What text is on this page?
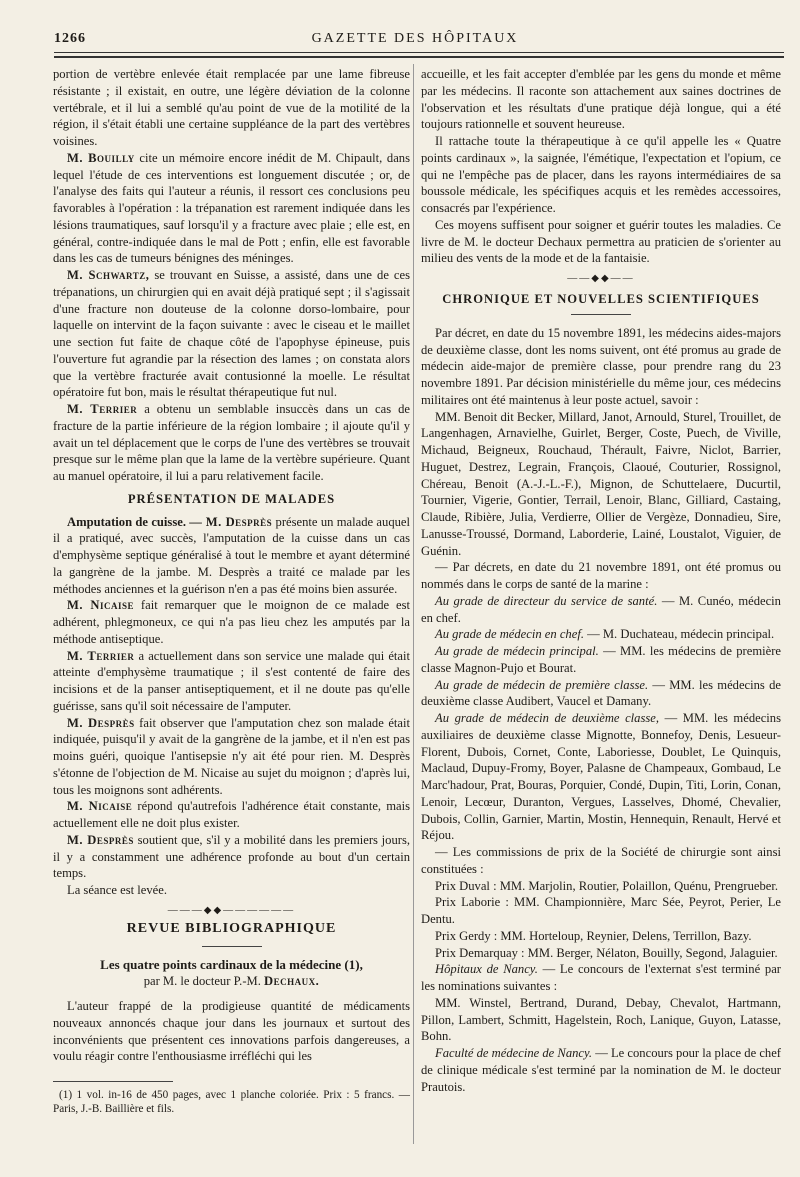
1266	GAZETTE DES HÔPITAUX

portion de vertèbre enlevée était remplacée par une lame fibreuse résistante ; il existait, en outre, une légère déviation de la colonne vertébrale, et il lui a semblé qu'au point de vue de la motilité de la région, il s'était établi une certaine suppléance de la part des vertèbres voisines.

M. Bouilly cite un mémoire encore inédit de M. Chipault, dans lequel l'étude de ces interventions est longuement discutée ; or, de l'analyse des faits qui l'auteur a réunis, il ressort ces conclusions peu favorables à l'opération : la trépanation est rarement indiquée dans les lésions traumatiques, sauf lorsqu'il y a fracture avec plaie ; elle est, en général, contre-indiquée dans le mal de Pott ; enfin, elle est favorable dans les cas de tumeurs bénignes des méninges.

M. Schwartz, se trouvant en Suisse, a assisté, dans une de ces trépanations, un chirurgien qui en avait déjà pratiqué sept ; il s'agissait d'une fracture non douteuse de la colonne dorso-lombaire, pour laquelle on intervint de la façon suivante : avec le ciseau et le maillet une section fut faite de chaque côté de l'apophyse épineuse, puis l'ouverture fut agrandie par la résection des lames ; on constata alors que la vertèbre fracturée avait contusionné la moelle. Le résultat opératoire fut bon, mais le résultat thérapeutique fut nul.

M. Terrier a obtenu un semblable insuccès dans un cas de fracture de la partie inférieure de la région lombaire ; il ajoute qu'il y avait un tel déplacement que le corps de l'une des vertèbres se trouvait presque sur le même plan que la lame de la vertèbre supérieure. Quant au manuel opératoire, il lui a paru relativement facile.

PRÉSENTATION DE MALADES

Amputation de cuisse. — M. Desprès présente un malade auquel il a pratiqué, avec succès, l'amputation de la cuisse dans un cas d'emphysème septique généralisé à tout le membre et ayant déterminé la gangrène de la jambe. M. Desprès a traité ce malade par les méthodes anciennes et la guérison n'en a pas été moins bien assurée.

M. Nicaise fait remarquer que le moignon de ce malade est adhérent, phlegmoneux, ce qui n'a pas lieu chez les amputés par la méthode antiseptique.

M. Terrier a actuellement dans son service une malade qui était atteinte d'emphysème traumatique ; il s'est contenté de faire des incisions et de la panser antiseptiquement, et il ne doute pas qu'elle guérisse, sans qu'il soit nécessaire de l'amputer.

M. Desprès fait observer que l'amputation chez son malade était indiquée, puisqu'il y avait de la gangrène de la jambe, et il n'en est pas moins guéri, quoique l'antisepsie n'y ait été pour rien. M. Desprès s'étonne de l'objection de M. Nicaise au sujet du moignon ; d'après lui, tous les moignons sont adhérents.

M. Nicaise répond qu'autrefois l'adhérence était constante, mais actuellement elle ne doit plus exister.

M. Desprès soutient que, s'il y a mobilité dans les premiers jours, il y a constamment une adhérence profonde au bout d'un certain temps.

La séance est levée.

———◆◆——————
REVUE BIBLIOGRAPHIQUE
Les quatre points cardinaux de la médecine (1),
par M. le docteur P.-M. Dechaux.

L'auteur frappé de la prodigieuse quantité de médicaments nouveaux annoncés chaque jour dans les journaux et surtout des inconvénients que présentent ces innovations parfois dangereuses, a voulu réagir contre l'enthousiasme irréfléchi qui les

(1) 1 vol. in-16 de 450 pages, avec 1 planche coloriée. Prix : 5 francs. — Paris, J.-B. Baillière et fils.

accueille, et les fait accepter d'emblée par les gens du monde et même par les médecins. Il raconte son attachement aux saines doctrines de l'observation et les résultats d'une pratique déjà longue, qui a été toujours rationnelle et souvent heureuse.

Il rattache toute la thérapeutique à ce qu'il appelle les « Quatre points cardinaux », la saignée, l'émétique, l'expectation et l'opium, ce qui ne l'empêche pas de placer, dans les rayons intermédiaires de sa boussole médicale, les spécifiques acquis et les remèdes accessoires, consacrés par l'expérience.

Ces moyens suffisent pour soigner et guérir toutes les maladies. Ce livre de M. le docteur Dechaux permettra au praticien de s'orienter au milieu des vents de la mode et de la fantaisie.

——◆◆——
CHRONIQUE ET NOUVELLES SCIENTIFIQUES

Par décret, en date du 15 novembre 1891, les médecins aides-majors de deuxième classe, dont les noms suivent, ont été promus au grade de médecin aide-major de première classe, pour prendre rang du 23 novembre 1891. Par décision ministérielle du même jour, ces médecins militaires ont été maintenus à leur poste actuel, savoir :

MM. Benoit dit Becker, Millard, Janot, Arnould, Sturel, Trouillet, de Langenhagen, Arnavielhe, Guirlet, Berger, Coste, Puech, de Viville, Michaud, Beigneux, Rouchaud, Thérault, Faivre, Niclot, Barrier, Huguet, Destrez, Legrain, François, Claoué, Couturier, Rossignol, Chéreau, Benoit (A.-J.-L.-F.), Mignon, de Schuttelaere, Ducurtil, Tournier, Vigerie, Gontier, Terrail, Lenoir, Blanc, Gilliard, Castaing, Claude, Ribière, Julia, Verdierre, Ollier de Vergèze, Donnadieu, Sire, Lanusse-Troussé, Dormand, Laborderie, Lainé, Loustalot, Viguier, de Guénin.

— Par décrets, en date du 21 novembre 1891, ont été promus ou nommés dans le corps de santé de la marine :

Au grade de directeur du service de santé. — M. Cunéo, médecin en chef.

Au grade de médecin en chef. — M. Duchateau, médecin principal.

Au grade de médecin principal. — MM. les médecins de première classe Magnon-Pujo et Bourat.

Au grade de médecin de première classe. — MM. les médecins de deuxième classe Audibert, Vaucel et Damany.

Au grade de médecin de deuxième classe, — MM. les médecins auxiliaires de deuxième classe Mignotte, Bonnefoy, Denis, Lesueur-Florent, Dubois, Cornet, Conte, Laboriesse, Doublet, Le Quinquis, Maclaud, Dupuy-Fromy, Boyer, Palasne de Champeaux, Gombaud, Le Marc'hadour, Prat, Bouras, Porquier, Condé, Dupin, Titi, Lorin, Conan, Lenoir, Lecœur, Duranton, Vergues, Lasselves, Dhomé, Chevalier, Dubois, Collin, Garnier, Martin, Mostin, Hennequin, Renault, Hervé et Réjou.

— Les commissions de prix de la Société de chirurgie sont ainsi constituées :

Prix Duval : MM. Marjolin, Routier, Polaillon, Quénu, Prengrueber.

Prix Laborie : MM. Championnière, Marc Sée, Peyrot, Perier, Le Dentu.

Prix Gerdy : MM. Horteloup, Reynier, Delens, Terrillon, Bazy.

Prix Demarquay : MM. Berger, Nélaton, Bouilly, Segond, Jalaguier.

Hôpitaux de Nancy. — Le concours de l'externat s'est terminé par les nominations suivantes :

MM. Winstel, Bertrand, Durand, Debay, Chevalot, Hartmann, Pillon, Lambert, Schmitt, Hagelstein, Roch, Lanique, Guyon, Latasse, Bohn.

Faculté de médecine de Nancy. — Le concours pour la place de chef de clinique médicale s'est terminé par la nomination de M. le docteur Prautois.
